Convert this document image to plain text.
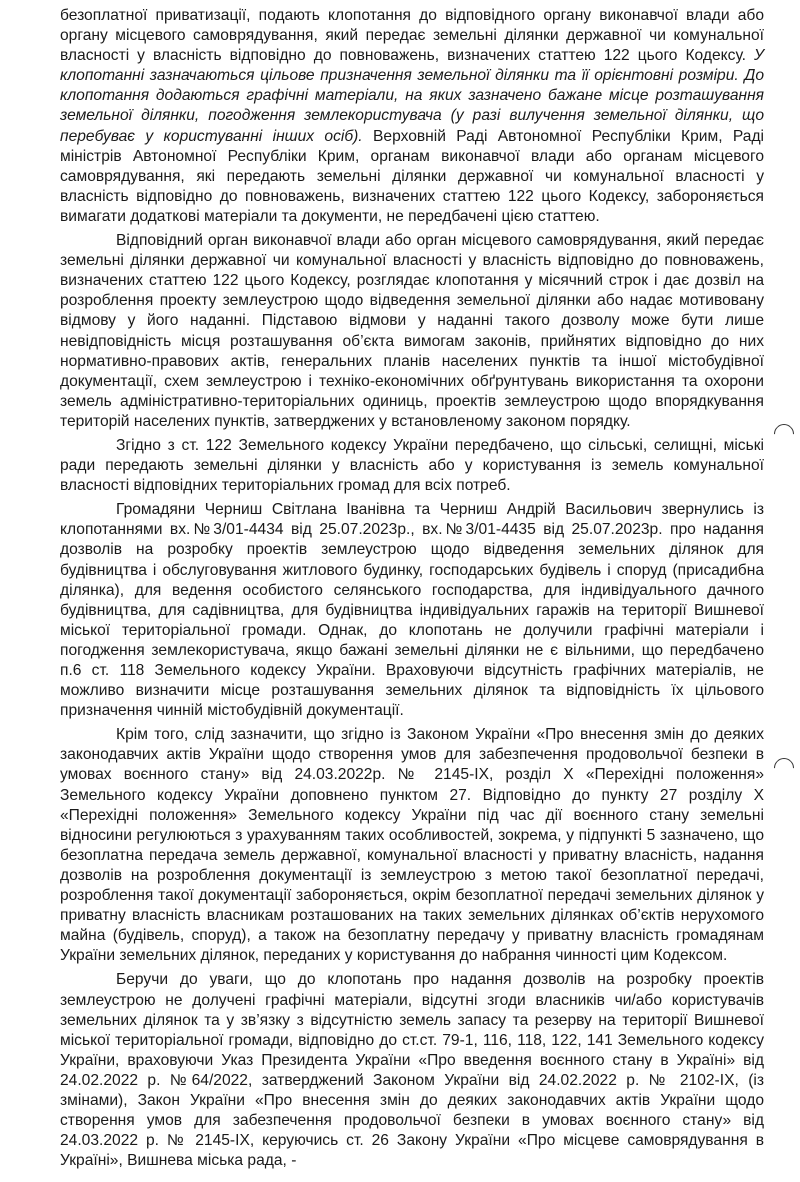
безоплатної приватизації, подають клопотання до відповідного органу виконавчої влади або органу місцевого самоврядування, який передає земельні ділянки державної чи комунальної власності у власність відповідно до повноважень, визначених статтею 122 цього Кодексу. У клопотанні зазначаються цільове призначення земельної ділянки та її орієнтовні розміри. До клопотання додаються графічні матеріали, на яких зазначено бажане місце розташування земельної ділянки, погодження землекористувача (у разі вилучення земельної ділянки, що перебуває у користуванні інших осіб). Верховній Раді Автономної Республіки Крим, Раді міністрів Автономної Республіки Крим, органам виконавчої влади або органам місцевого самоврядування, які передають земельні ділянки державної чи комунальної власності у власність відповідно до повноважень, визначених статтею 122 цього Кодексу, забороняється вимагати додаткові матеріали та документи, не передбачені цією статтею.

Відповідний орган виконавчої влади або орган місцевого самоврядування, який передає земельні ділянки державної чи комунальної власності у власність відповідно до повноважень, визначених статтею 122 цього Кодексу, розглядає клопотання у місячний строк і дає дозвіл на розроблення проекту землеустрою щодо відведення земельної ділянки або надає мотивовану відмову у його наданні. Підставою відмови у наданні такого дозволу може бути лише невідповідність місця розташування об’єкта вимогам законів, прийнятих відповідно до них нормативно-правових актів, генеральних планів населених пунктів та іншої містобудівної документації, схем землеустрою і техніко-економічних обґрунтувань використання та охорони земель адміністративно-територіальних одиниць, проектів землеустрою щодо впорядкування територій населених пунктів, затверджених у встановленому законом порядку.

Згідно з ст. 122 Земельного кодексу України передбачено, що сільські, селищні, міські ради передають земельні ділянки у власність або у користування із земель комунальної власності відповідних територіальних громад для всіх потреб.

Громадяни Черниш Світлана Іванівна та Черниш Андрій Васильович звернулись із клопотаннями вх.№3/01-4434 від 25.07.2023р., вх.№3/01-4435 від 25.07.2023р. про надання дозволів на розробку проектів землеустрою щодо відведення земельних ділянок для будівництва і обслуговування житлового будинку, господарських будівель і споруд (присадибна ділянка), для ведення особистого селянського господарства, для індивідуального дачного будівництва, для садівництва, для будівництва індивідуальних гаражів на території Вишневої міської територіальної громади. Однак, до клопотань не долучили графічні матеріали і погодження землекористувача, якщо бажані земельні ділянки не є вільними, що передбачено п.6 ст. 118 Земельного кодексу України. Враховуючи відсутність графічних матеріалів, не можливо визначити місце розташування земельних ділянок та відповідність їх цільового призначення чинній містобудівній документації.

Крім того, слід зазначити, що згідно із Законом України «Про внесення змін до деяких законодавчих актів України щодо створення умов для забезпечення продовольчої безпеки в умовах воєнного стану» від 24.03.2022р. № 2145-IX, розділ X «Перехідні положення» Земельного кодексу України доповнено пунктом 27. Відповідно до пункту 27 розділу X «Перехідні положення» Земельного кодексу України під час дії воєнного стану земельні відносини регулюються з урахуванням таких особливостей, зокрема, у підпункті 5 зазначено, що безоплатна передача земель державної, комунальної власності у приватну власність, надання дозволів на розроблення документації із землеустрою з метою такої безоплатної передачі, розроблення такої документації забороняється, окрім безоплатної передачі земельних ділянок у приватну власність власникам розташованих на таких земельних ділянках об’єктів нерухомого майна (будівель, споруд), а також на безоплатну передачу у приватну власність громадянам України земельних ділянок, переданих у користування до набрання чинності цим Кодексом.

Беручи до уваги, що до клопотань про надання дозволів на розробку проектів землеустрою не долучені графічні матеріали, відсутні згоди власників чи/або користувачів земельних ділянок та у зв’язку з відсутністю земель запасу та резерву на території Вишневої міської територіальної громади, відповідно до ст.ст. 79-1, 116, 118, 122, 141 Земельного кодексу України, враховуючи Указ Президента України «Про введення воєнного стану в Україні» від 24.02.2022 р. №64/2022, затверджений Законом України від 24.02.2022 р. № 2102-IX, (із змінами), Закон України «Про внесення змін до деяких законодавчих актів України щодо створення умов для забезпечення продовольчої безпеки в умовах воєнного стану» від 24.03.2022 р. № 2145-IX, керуючись ст. 26 Закону України «Про місцеве самоврядування в Україні», Вишнева міська рада, -
